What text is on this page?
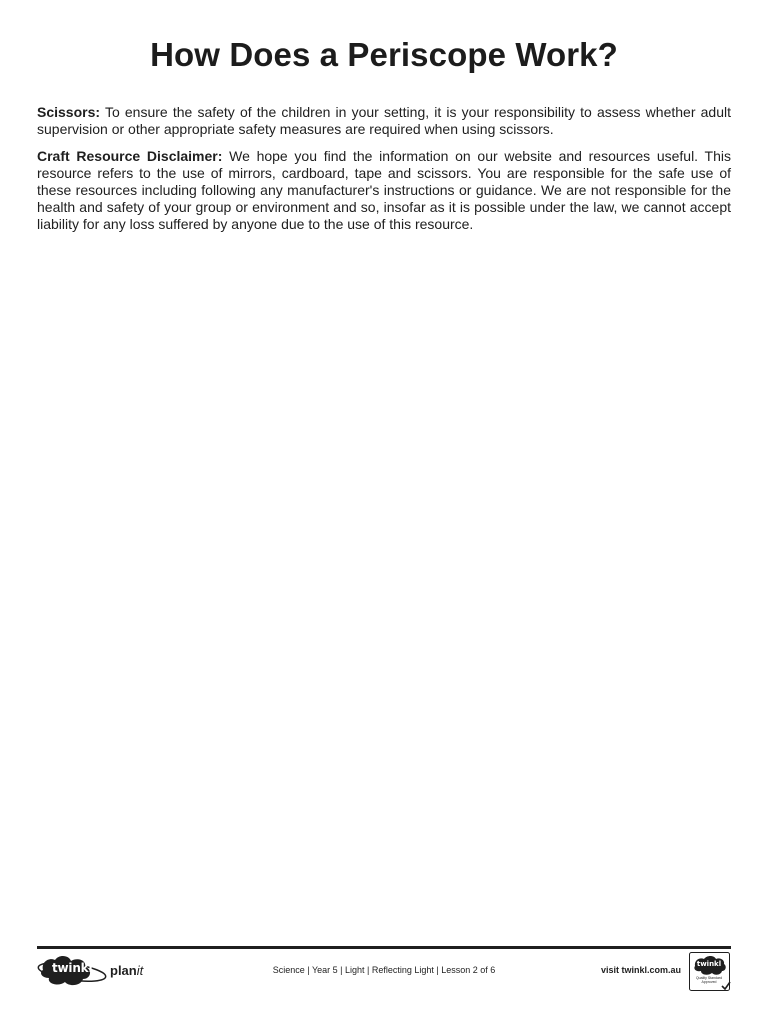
How Does a Periscope Work?

Scissors: To ensure the safety of the children in your setting, it is your responsibility to assess whether adult supervision or other appropriate safety measures are required when using scissors.

Craft Resource Disclaimer: We hope you find the information on our website and resources useful. This resource refers to the use of mirrors, cardboard, tape and scissors. You are responsible for the safe use of these resources including following any manufacturer's instructions or guidance. We are not responsible for the health and safety of your group or environment and so, insofar as it is possible under the law, we cannot accept liability for any loss suffered by anyone due to the use of this resource.

twinkl planit	Science | Year 5 | Light | Reflecting Light | Lesson 2 of 6	visit twinkl.com.au
twinkl
Quality Standard Approved
